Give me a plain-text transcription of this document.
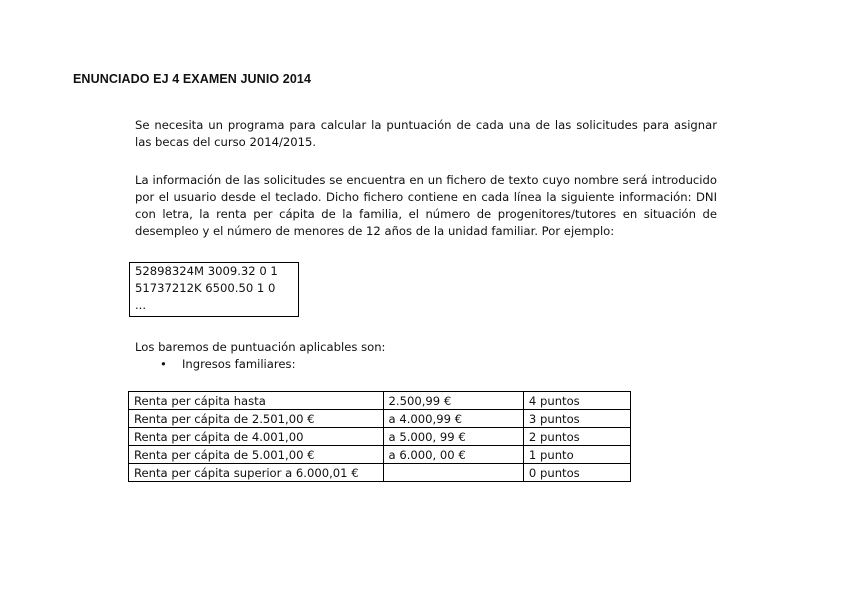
ENUNCIADO EJ 4 EXAMEN JUNIO 2014

Se necesita un programa para calcular la puntuación de cada una de las solicitudes para asignar las becas del curso 2014/2015.

La información de las solicitudes se encuentra en un fichero de texto cuyo nombre será introducido por el usuario desde el teclado. Dicho fichero contiene en cada línea la siguiente información: DNI con letra, la renta per cápita de la familia, el número de progenitores/tutores en situación de desempleo y el número de menores de 12 años de la unidad familiar. Por ejemplo:

52898324M 3009.32 0 1
51737212K 6500.50 1 0
...

Los baremos de puntuación aplicables son:

• Ingresos familiares:
Renta per cápita hasta	2.500,99 €	4 puntos
Renta per cápita de 2.501,00 €	a 4.000,99 €	3 puntos
Renta per cápita de 4.001,00	a 5.000, 99 €	2 puntos
Renta per cápita de 5.001,00 €	a 6.000, 00 €	1 punto
Renta per cápita superior a 6.000,01 €		0 puntos
